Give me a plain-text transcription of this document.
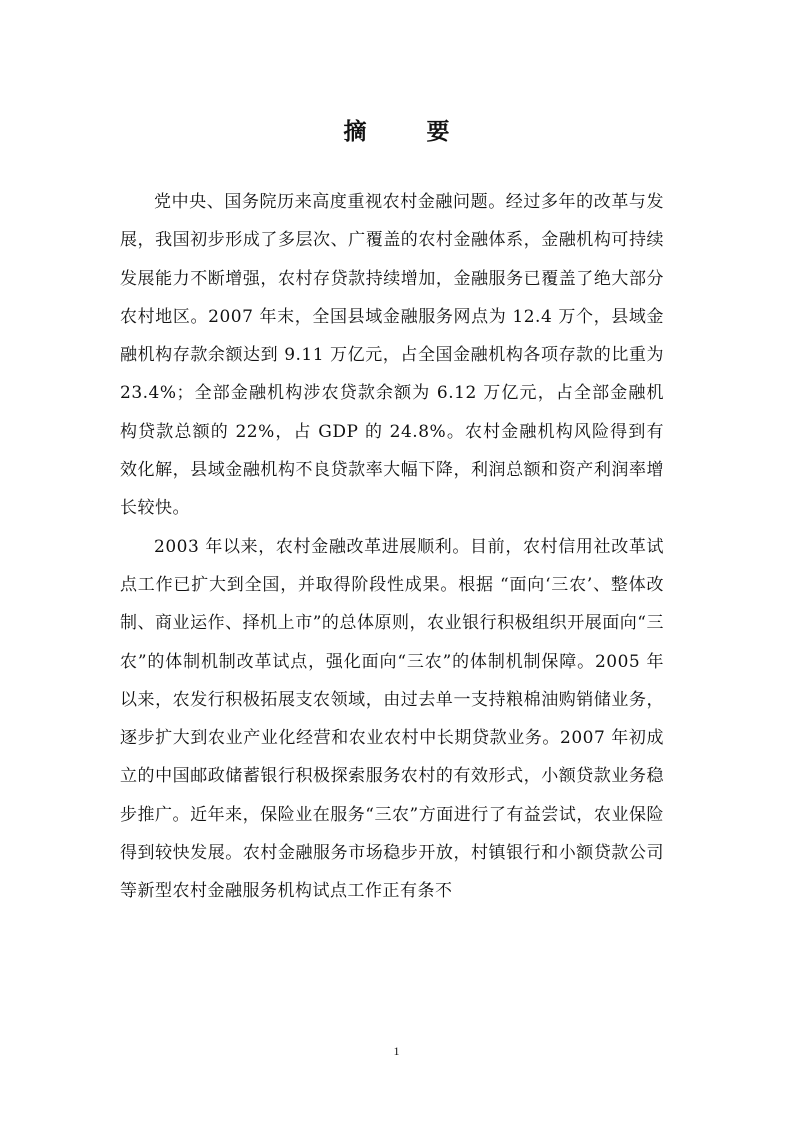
摘 要

党中央、国务院历来高度重视农村金融问题。经过多年的改革与发展，我国初步形成了多层次、广覆盖的农村金融体系，金融机构可持续发展能力不断增强，农村存贷款持续增加，金融服务已覆盖了绝大部分农村地区。2007 年末，全国县域金融服务网点为 12.4 万个，县域金融机构存款余额达到 9.11 万亿元，占全国金融机构各项存款的比重为 23.4%；全部金融机构涉农贷款余额为 6.12 万亿元，占全部金融机构贷款总额的 22%，占 GDP 的 24.8%。农村金融机构风险得到有效化解，县域金融机构不良贷款率大幅下降，利润总额和资产利润率增长较快。

2003 年以来，农村金融改革进展顺利。目前，农村信用社改革试点工作已扩大到全国，并取得阶段性成果。根据 “面向‘三农’、整体改制、商业运作、择机上市”的总体原则，农业银行积极组织开展面向“三农”的体制机制改革试点，强化面向“三农”的体制机制保障。2005 年以来，农发行积极拓展支农领域，由过去单一支持粮棉油购销储业务，逐步扩大到农业产业化经营和农业农村中长期贷款业务。2007 年初成立的中国邮政储蓄银行积极探索服务农村的有效形式，小额贷款业务稳步推广。近年来，保险业在服务“三农”方面进行了有益尝试，农业保险得到较快发展。农村金融服务市场稳步开放，村镇银行和小额贷款公司等新型农村金融服务机构试点工作正有条不

1
